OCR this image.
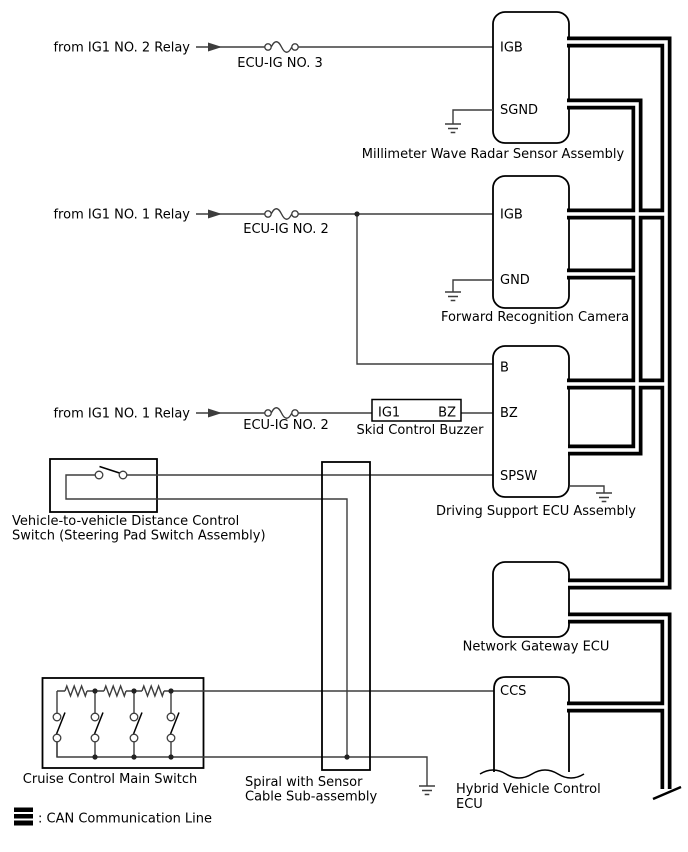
from IG1 NO. 2 Relay
ECU-IG NO. 3
from IG1 NO. 1 Relay
ECU-IG NO. 2
from IG1 NO. 1 Relay
ECU-IG NO. 2
IGB
SGND
Millimeter Wave Radar Sensor Assembly
IGB
GND
Forward Recognition Camera
B
BZ
SPSW
Driving Support ECU Assembly
IG1	BZ
Skid Control Buzzer
Vehicle-to-vehicle Distance Control
Switch (Steering Pad Switch Assembly)
Network Gateway ECU
CCS
Hybrid Vehicle Control
ECU
Cruise Control Main Switch	Spiral with Sensor
Cable Sub-assembly
: CAN Communication Line
